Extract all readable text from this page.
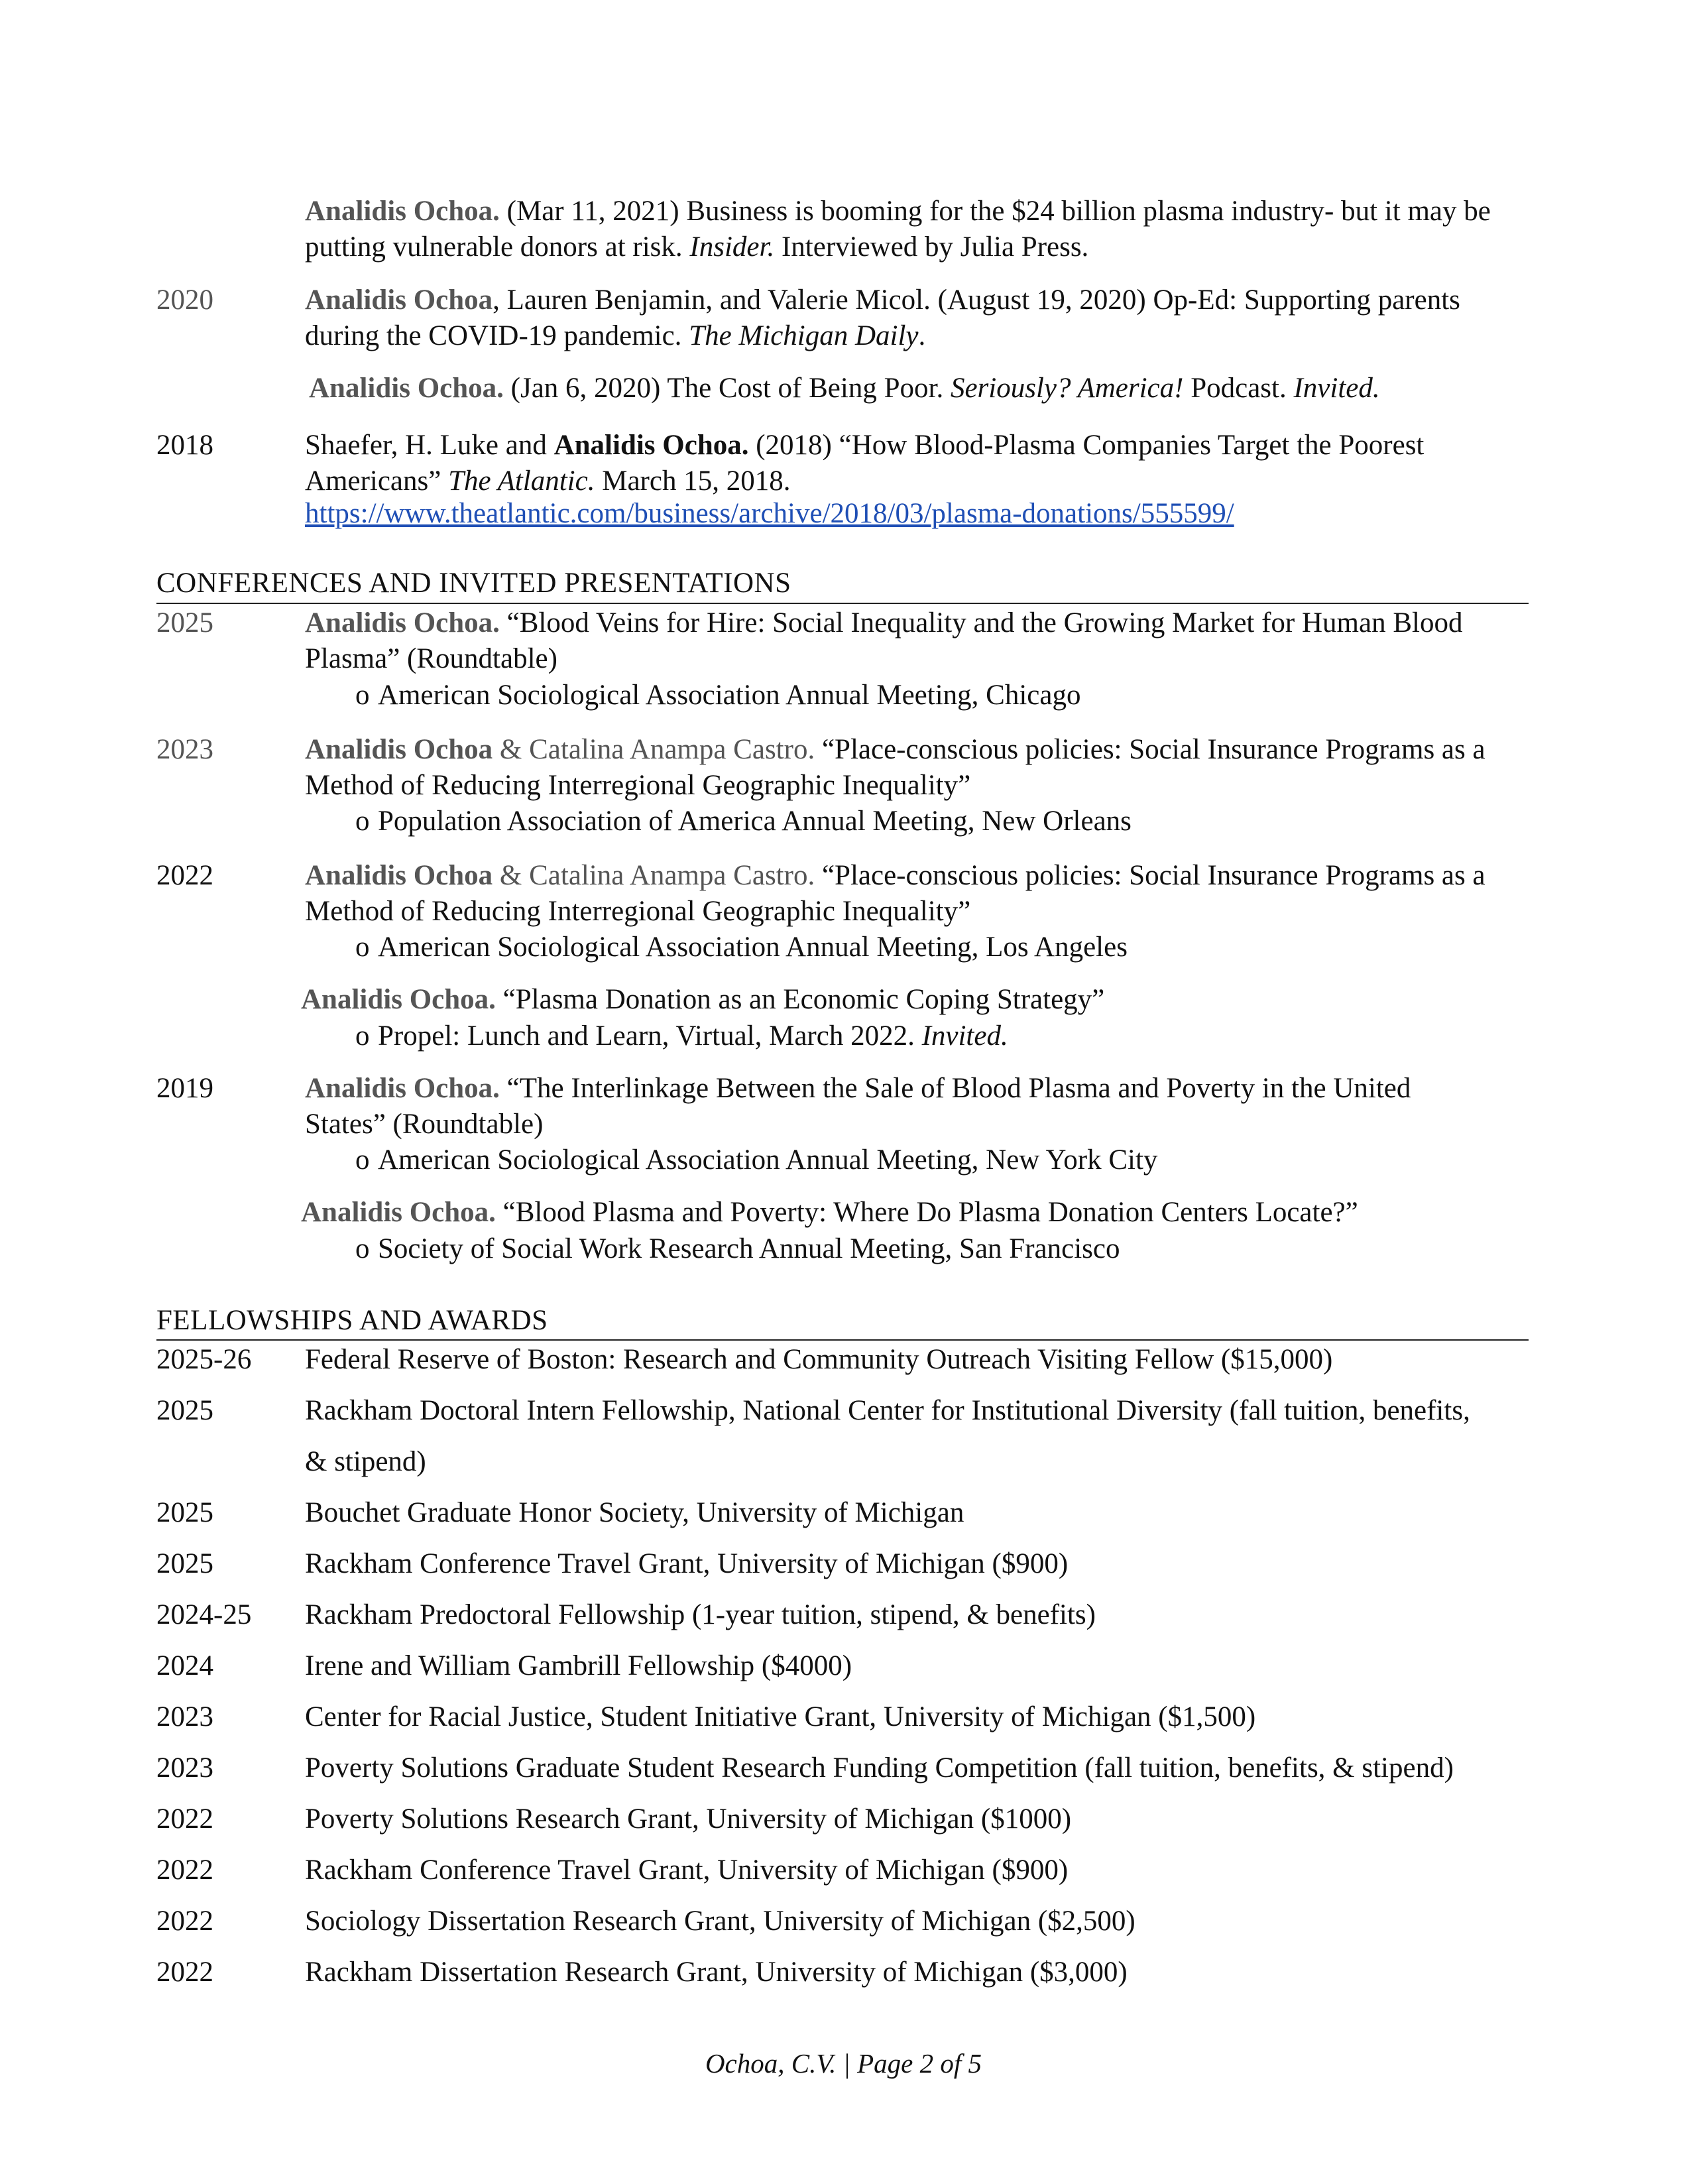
Analidis Ochoa. (Mar 11, 2021) Business is booming for the $24 billion plasma industry- but it may be
putting vulnerable donors at risk. Insider. Interviewed by Julia Press.
2020	Analidis Ochoa, Lauren Benjamin, and Valerie Micol. (August 19, 2020) Op-Ed: Supporting parents
during the COVID-19 pandemic. The Michigan Daily.
Analidis Ochoa. (Jan 6, 2020) The Cost of Being Poor. Seriously? America! Podcast. Invited.
2018	Shaefer, H. Luke and Analidis Ochoa. (2018) “How Blood-Plasma Companies Target the Poorest
Americans” The Atlantic. March 15, 2018.
https://www.theatlantic.com/business/archive/2018/03/plasma-donations/555599/
CONFERENCES AND INVITED PRESENTATIONS
2025	Analidis Ochoa. “Blood Veins for Hire: Social Inequality and the Growing Market for Human Blood
Plasma” (Roundtable)
o American Sociological Association Annual Meeting, Chicago
2023	Analidis Ochoa & Catalina Anampa Castro. “Place-conscious policies: Social Insurance Programs as a
Method of Reducing Interregional Geographic Inequality”
o Population Association of America Annual Meeting, New Orleans
2022	Analidis Ochoa & Catalina Anampa Castro. “Place-conscious policies: Social Insurance Programs as a
Method of Reducing Interregional Geographic Inequality”
o American Sociological Association Annual Meeting, Los Angeles
Analidis Ochoa. “Plasma Donation as an Economic Coping Strategy”
o Propel: Lunch and Learn, Virtual, March 2022. Invited.
2019	Analidis Ochoa. “The Interlinkage Between the Sale of Blood Plasma and Poverty in the United
States” (Roundtable)
o American Sociological Association Annual Meeting, New York City
Analidis Ochoa. “Blood Plasma and Poverty: Where Do Plasma Donation Centers Locate?”
o Society of Social Work Research Annual Meeting, San Francisco
FELLOWSHIPS AND AWARDS
2025-26 Federal Reserve of Boston: Research and Community Outreach Visiting Fellow ($15,000)
2025	Rackham Doctoral Intern Fellowship, National Center for Institutional Diversity (fall tuition, benefits,
& stipend)
2025	Bouchet Graduate Honor Society, University of Michigan
2025	Rackham Conference Travel Grant, University of Michigan ($900)
2024-25 Rackham Predoctoral Fellowship (1-year tuition, stipend, & benefits)
2024	Irene and William Gambrill Fellowship ($4000)
2023	Center for Racial Justice, Student Initiative Grant, University of Michigan ($1,500)
2023	Poverty Solutions Graduate Student Research Funding Competition (fall tuition, benefits, & stipend)
2022	Poverty Solutions Research Grant, University of Michigan ($1000)
2022	Rackham Conference Travel Grant, University of Michigan ($900)
2022	Sociology Dissertation Research Grant, University of Michigan ($2,500)
2022	Rackham Dissertation Research Grant, University of Michigan ($3,000)
Ochoa, C.V. | Page 2 of 5
